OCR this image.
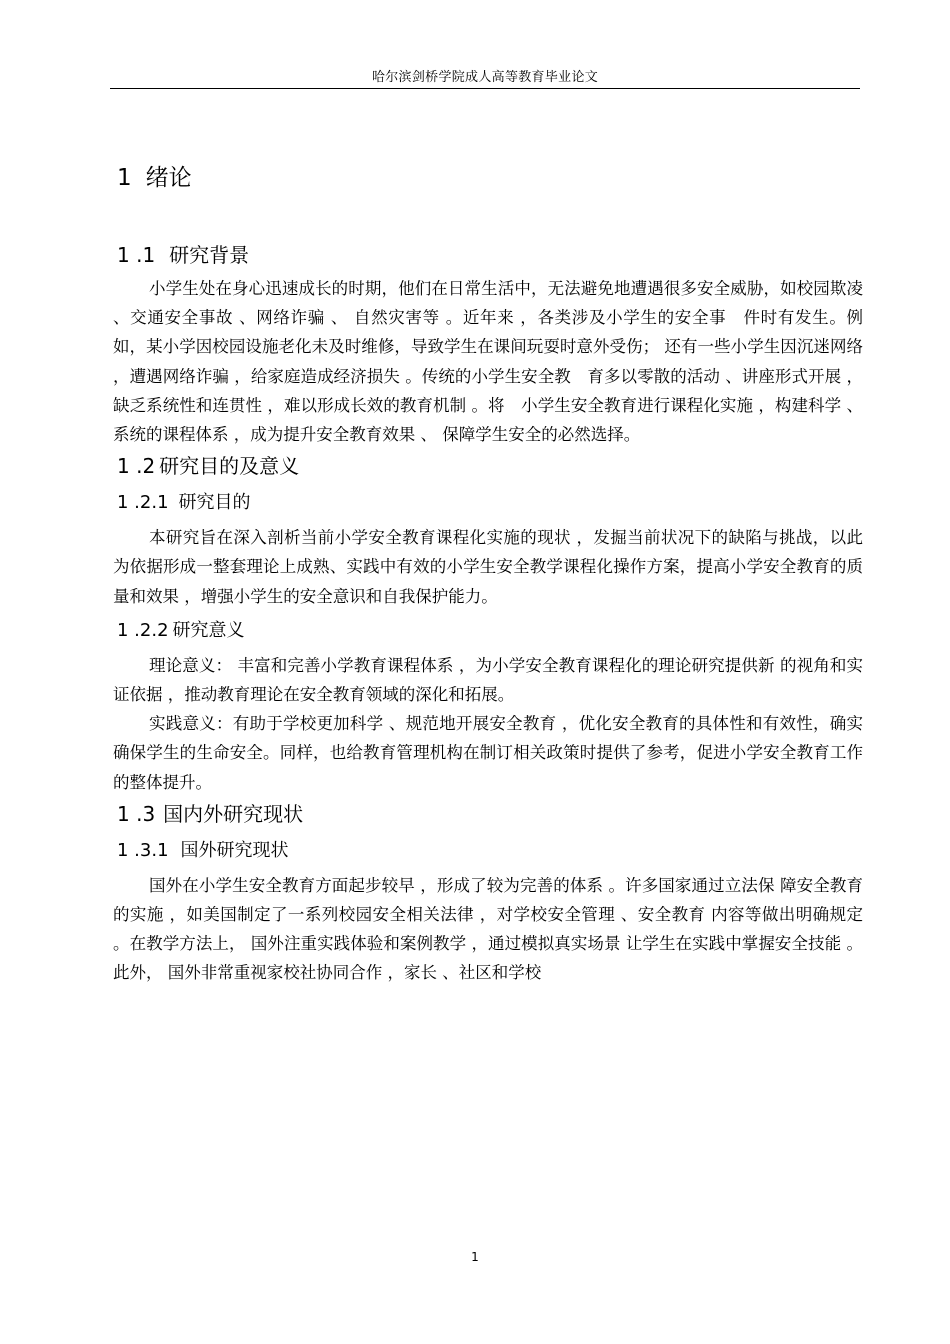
哈尔滨剑桥学院成人高等教育毕业论文
1 绪论
1 .1 研究背景

小学生处在身心迅速成长的时期，他们在日常生活中，无法避免地遭遇很多安全威胁，如校园欺凌 、交通安全事故 、网络诈骗 、 自然灾害等 。近年来 ，各类涉及小学生的安全事　件时有发生。例如，某小学因校园设施老化未及时维修，导致学生在课间玩耍时意外受伤； 还有一些小学生因沉迷网络 ，遭遇网络诈骗 ，给家庭造成经济损失 。传统的小学生安全教　育多以零散的活动 、讲座形式开展 ，缺乏系统性和连贯性 ，难以形成长效的教育机制 。将　小学生安全教育进行课程化实施 ，构建科学 、系统的课程体系 ，成为提升安全教育效果 、 保障学生安全的必然选择。

1 .2 研究目的及意义
1 .2.1 研究目的

本研究旨在深入剖析当前小学安全教育课程化实施的现状 ，发掘当前状况下的缺陷与挑战，以此为依据形成一整套理论上成熟、实践中有效的小学生安全教学课程化操作方案，提高小学安全教育的质量和效果 ，增强小学生的安全意识和自我保护能力。

1 .2.2 研究意义

理论意义： 丰富和完善小学教育课程体系 ，为小学安全教育课程化的理论研究提供新 的视角和实证依据 ，推动教育理论在安全教育领域的深化和拓展。

实践意义：有助于学校更加科学 、规范地开展安全教育 ，优化安全教育的具体性和有效性，确实确保学生的生命安全。同样，也给教育管理机构在制订相关政策时提供了参考，促进小学安全教育工作的整体提升。

1 .3 国内外研究现状
1 .3.1 国外研究现状

国外在小学生安全教育方面起步较早 ，形成了较为完善的体系 。许多国家通过立法保 障安全教育的实施 ，如美国制定了一系列校园安全相关法律 ，对学校安全管理 、安全教育 内容等做出明确规定 。在教学方法上， 国外注重实践体验和案例教学 ，通过模拟真实场景 让学生在实践中掌握安全技能 。此外， 国外非常重视家校社协同合作 ，家长 、社区和学校

1
